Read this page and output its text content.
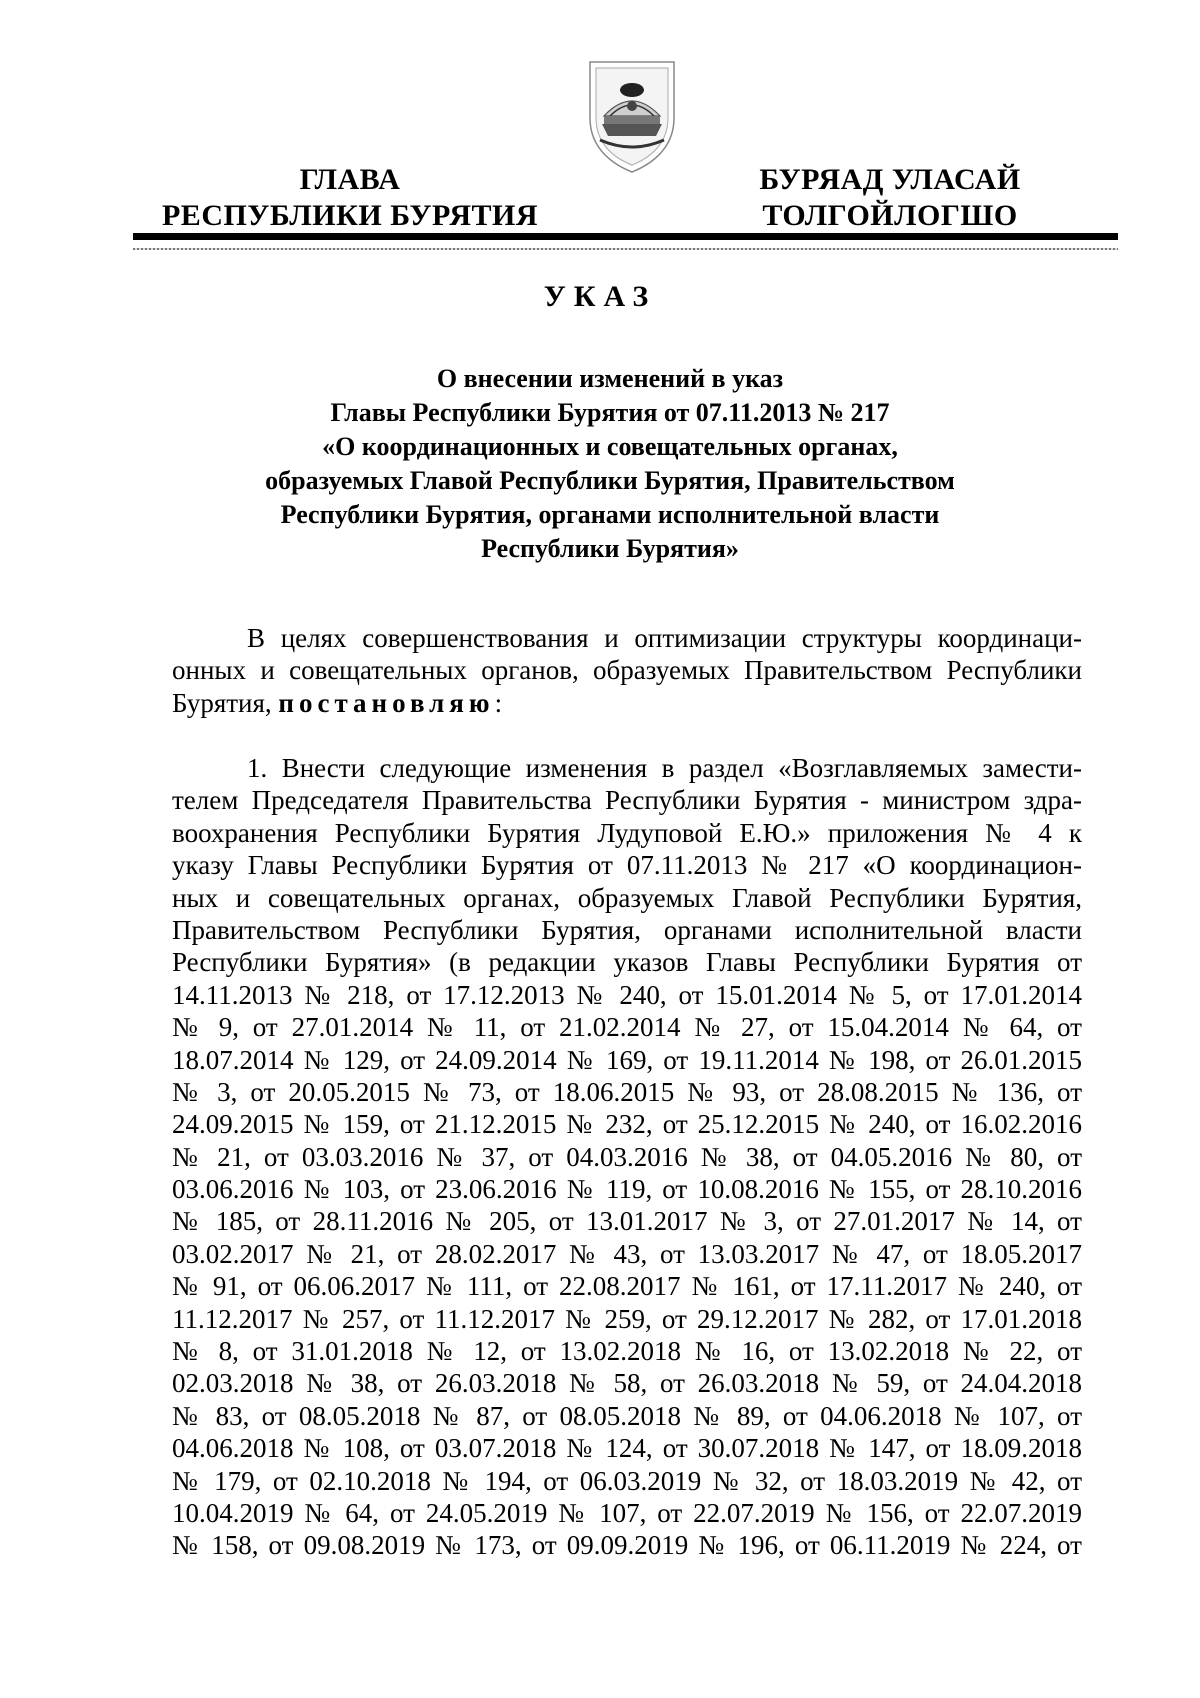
ГЛАВА
РЕСПУБЛИКИ БУРЯТИЯ
БУРЯАД УЛАСАЙ
ТОЛГОЙЛОГШО
УКАЗ
О внесении изменений в указ
Главы Республики Бурятия от 07.11.2013 № 217
«О координационных и совещательных органах,
образуемых Главой Республики Бурятия, Правительством
Республики Бурятия, органами исполнительной власти
Республики Бурятия»
В целях совершенствования и оптимизации структуры координаци-
онных и совещательных органов, образуемых Правительством Республики
Бурятия, постановляю:
1. Внести следующие изменения в раздел «Возглавляемых замести-
телем Председателя Правительства Республики Бурятия - министром здра-
воохранения Республики Бурятия Лудуповой Е.Ю.» приложения № 4 к
указу Главы Республики Бурятия от 07.11.2013 № 217 «О координацион-
ных и совещательных органах, образуемых Главой Республики Бурятия,
Правительством Республики Бурятия, органами исполнительной власти
Республики Бурятия» (в редакции указов Главы Республики Бурятия от
14.11.2013 № 218, от 17.12.2013 № 240, от 15.01.2014 № 5, от 17.01.2014
№ 9, от 27.01.2014 № 11, от 21.02.2014 № 27, от 15.04.2014 № 64, от
18.07.2014 № 129, от 24.09.2014 № 169, от 19.11.2014 № 198, от 26.01.2015
№ 3, от 20.05.2015 № 73, от 18.06.2015 № 93, от 28.08.2015 № 136, от
24.09.2015 № 159, от 21.12.2015 № 232, от 25.12.2015 № 240, от 16.02.2016
№ 21, от 03.03.2016 № 37, от 04.03.2016 № 38, от 04.05.2016 № 80, от
03.06.2016 № 103, от 23.06.2016 № 119, от 10.08.2016 № 155, от 28.10.2016
№ 185, от 28.11.2016 № 205, от 13.01.2017 № 3, от 27.01.2017 № 14, от
03.02.2017 № 21, от 28.02.2017 № 43, от 13.03.2017 № 47, от 18.05.2017
№ 91, от 06.06.2017 № 111, от 22.08.2017 № 161, от 17.11.2017 № 240, от
11.12.2017 № 257, от 11.12.2017 № 259, от 29.12.2017 № 282, от 17.01.2018
№ 8, от 31.01.2018 № 12, от 13.02.2018 № 16, от 13.02.2018 № 22, от
02.03.2018 № 38, от 26.03.2018 № 58, от 26.03.2018 № 59, от 24.04.2018
№ 83, от 08.05.2018 № 87, от 08.05.2018 № 89, от 04.06.2018 № 107, от
04.06.2018 № 108, от 03.07.2018 № 124, от 30.07.2018 № 147, от 18.09.2018
№ 179, от 02.10.2018 № 194, от 06.03.2019 № 32, от 18.03.2019 № 42, от
10.04.2019 № 64, от 24.05.2019 № 107, от 22.07.2019 № 156, от 22.07.2019
№ 158, от 09.08.2019 № 173, от 09.09.2019 № 196, от 06.11.2019 № 224, от
